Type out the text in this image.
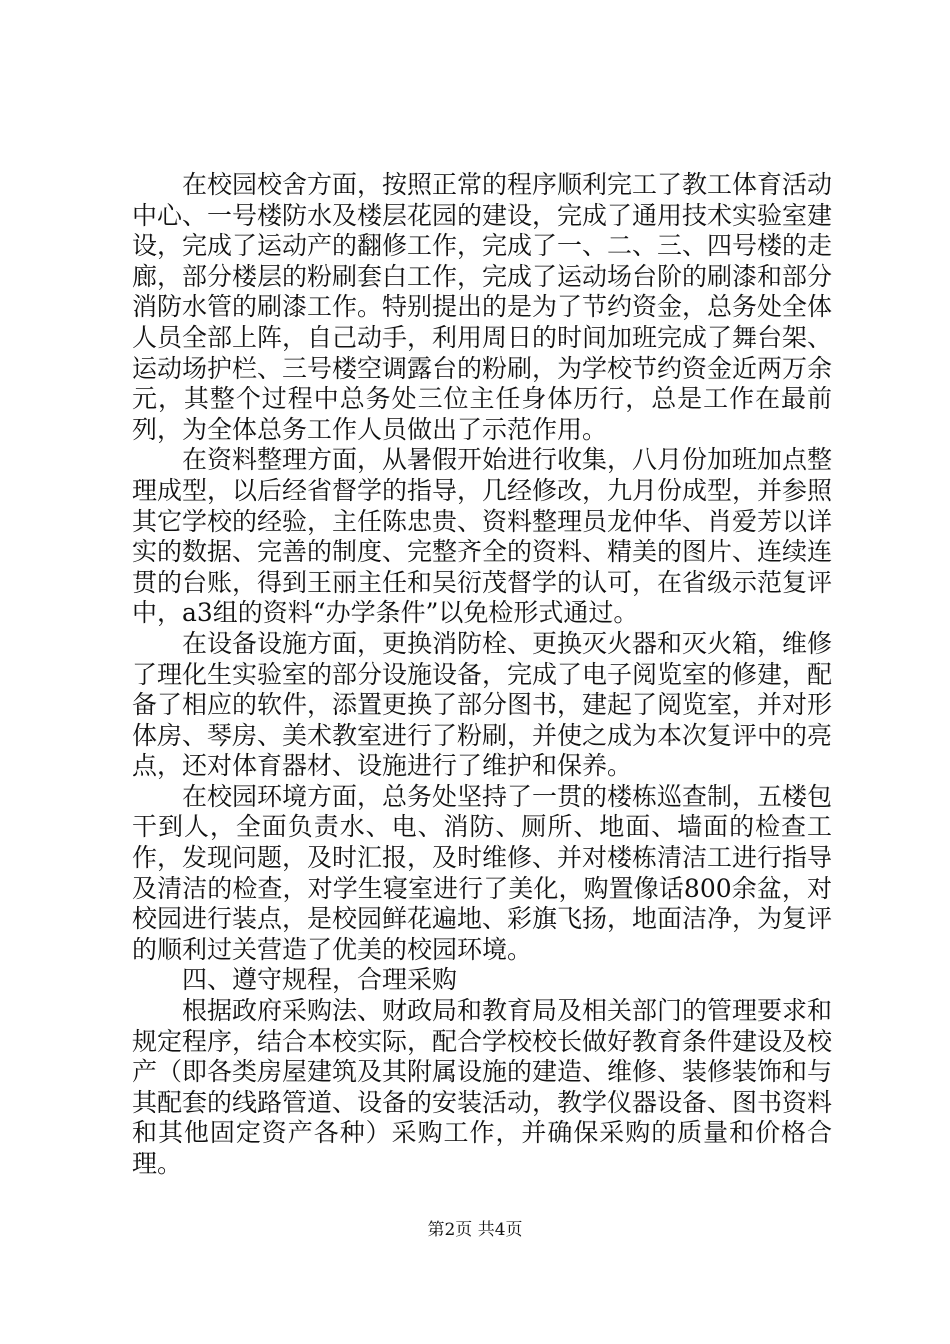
在校园校舍方面，按照正常的程序顺利完工了教工体育活动中心、一号楼防水及楼层花园的建设，完成了通用技术实验室建设，完成了运动产的翻修工作，完成了一、二、三、四号楼的走廊，部分楼层的粉刷套白工作，完成了运动场台阶的刷漆和部分消防水管的刷漆工作。特别提出的是为了节约资金，总务处全体人员全部上阵，自己动手，利用周日的时间加班完成了舞台架、运动场护栏、三号楼空调露台的粉刷，为学校节约资金近两万余元，其整个过程中总务处三位主任身体历行，总是工作在最前列，为全体总务工作人员做出了示范作用。

在资料整理方面，从暑假开始进行收集，八月份加班加点整理成型，以后经省督学的指导，几经修改，九月份成型，并参照其它学校的经验，主任陈忠贵、资料整理员龙仲华、肖爱芳以详实的数据、完善的制度、完整齐全的资料、精美的图片、连续连贯的台账，得到王丽主任和吴衍茂督学的认可，在省级示范复评中，a3组的资料“办学条件”以免检形式通过。

在设备设施方面，更换消防栓、更换灭火器和灭火箱，维修了理化生实验室的部分设施设备，完成了电子阅览室的修建，配备了相应的软件，添置更换了部分图书，建起了阅览室，并对形体房、琴房、美术教室进行了粉刷，并使之成为本次复评中的亮点，还对体育器材、设施进行了维护和保养。

在校园环境方面，总务处坚持了一贯的楼栋巡查制，五楼包干到人，全面负责水、电、消防、厕所、地面、墙面的检查工作，发现问题，及时汇报，及时维修、并对楼栋清洁工进行指导及清洁的检查，对学生寝室进行了美化，购置像话800余盆，对校园进行装点，是校园鲜花遍地、彩旗飞扬，地面洁净，为复评的顺利过关营造了优美的校园环境。

四、遵守规程，合理采购

根据政府采购法、财政局和教育局及相关部门的管理要求和规定程序，结合本校实际，配合学校校长做好教育条件建设及校产（即各类房屋建筑及其附属设施的建造、维修、装修装饰和与其配套的线路管道、设备的安装活动，教学仪器设备、图书资料和其他固定资产各种）采购工作，并确保采购的质量和价格合理。

第2页 共4页
